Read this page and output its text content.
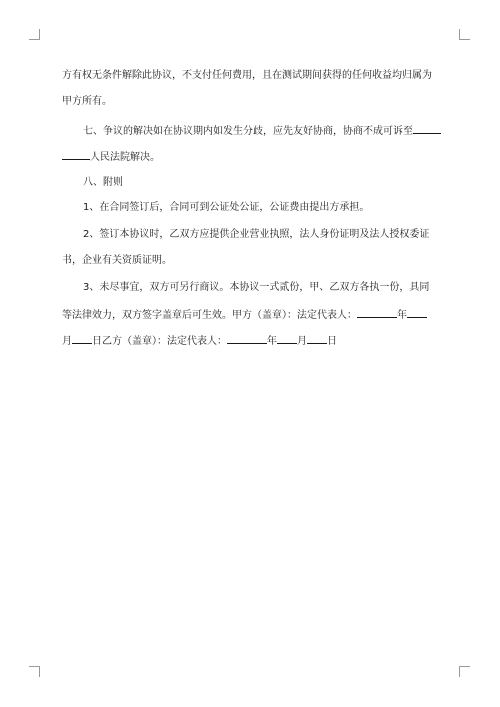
方有权无条件解除此协议，不支付任何费用，且在测试期间获得的任何收益均归属为
甲方所有。
七、争议的解决如在协议期内如发生分歧，应先友好协商，协商不成可诉至
人民法院解决。
八、附则
1、在合同签订后，合同可到公证处公证，公证费由提出方承担。
2、签订本协议时，乙双方应提供企业营业执照，法人身份证明及法人授权委证
书，企业有关资质证明。
3、未尽事宜，双方可另行商议。本协议一式贰份，甲、乙双方各执一份，具同
等法律效力，双方签字盖章后可生效。甲方（盖章）：法定代表人：	年
月 日乙方（盖章）：法定代表人：	年 月 日
